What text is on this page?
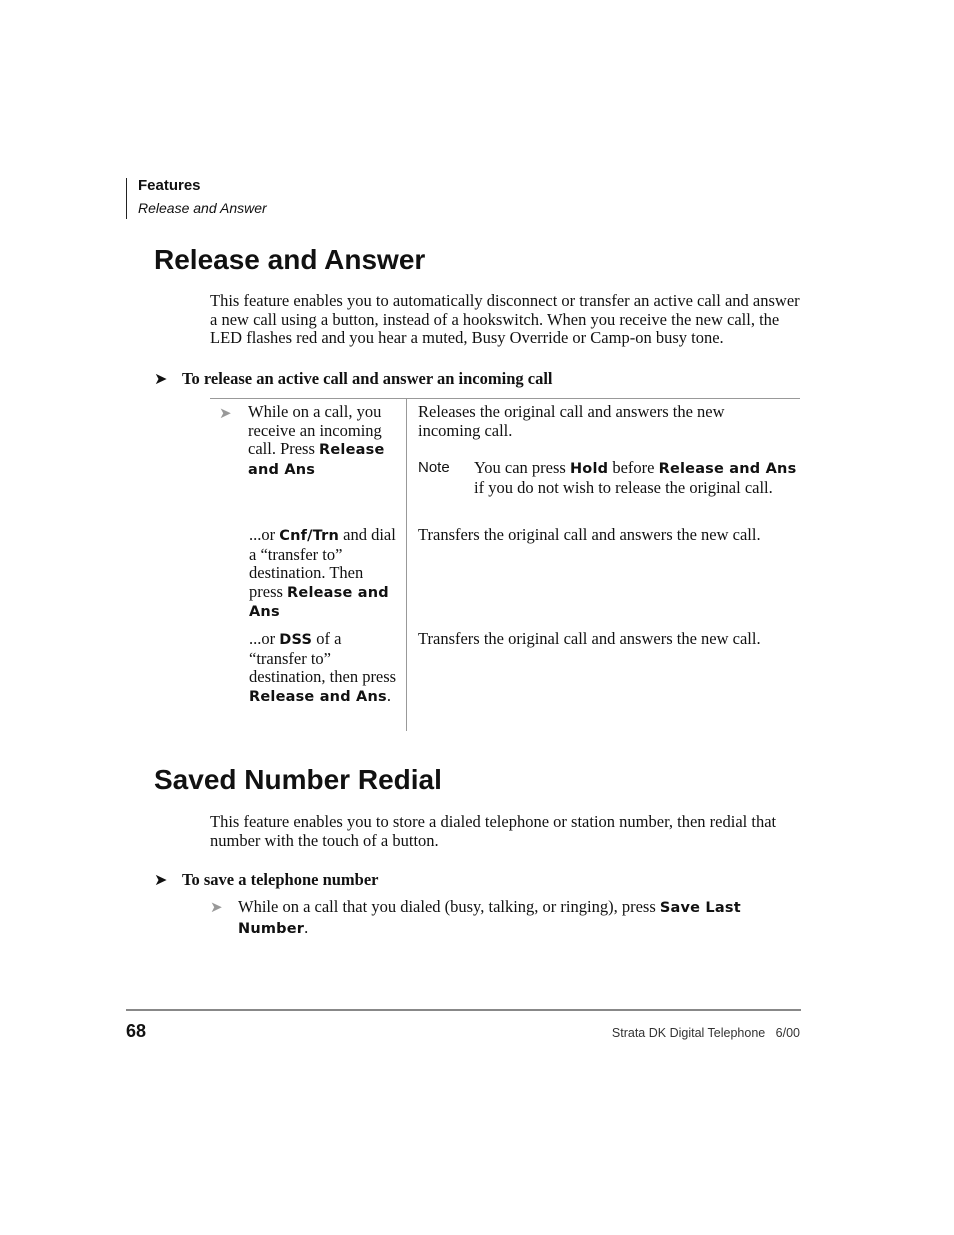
Features
Release and Answer
Release and Answer
This feature enables you to automatically disconnect or transfer an active call and answer a new call using a button, instead of a hookswitch. When you receive the new call, the LED flashes red and you hear a muted, Busy Override or Camp-on busy tone.
➤ To release an active call and answer an incoming call
➤ While on a call, you receive an incoming call. Press Release and Ans
Releases the original call and answers the new incoming call.
Note You can press Hold before Release and Ans if you do not wish to release the original call.
...or Cnf/Trn and dial a “transfer to” destination. Then press Release and Ans
Transfers the original call and answers the new call.
...or DSS of a “transfer to” destination, then press Release and Ans.
Transfers the original call and answers the new call.
Saved Number Redial
This feature enables you to store a dialed telephone or station number, then redial that number with the touch of a button.
➤ To save a telephone number
➤ While on a call that you dialed (busy, talking, or ringing), press Save Last Number.
68	Strata DK Digital Telephone   6/00
